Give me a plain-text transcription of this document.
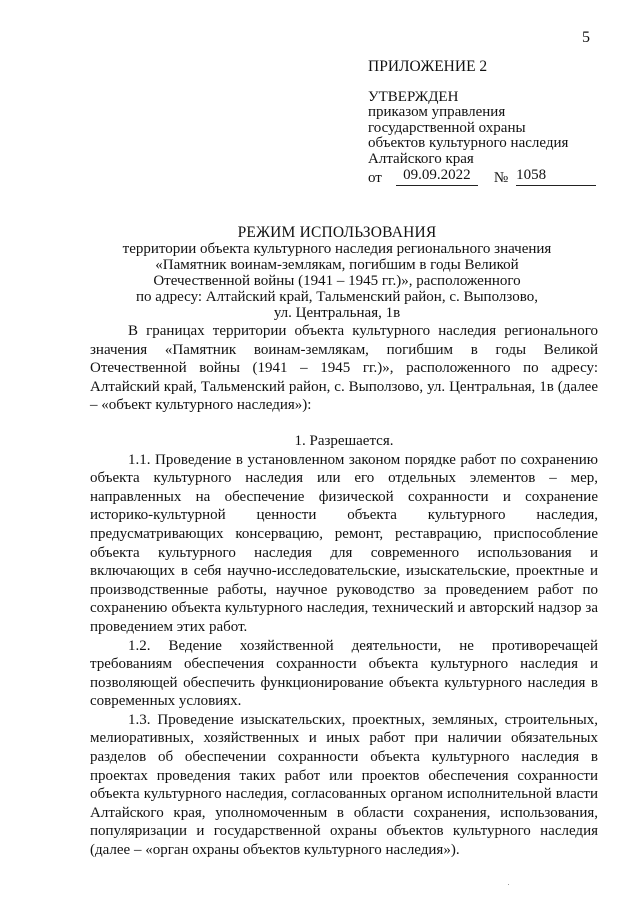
5
ПРИЛОЖЕНИЕ 2
УТВЕРЖДЕН
приказом управления
государственной охраны
объектов культурного наследия
Алтайского края
от	09.09.2022	№ 1058
РЕЖИМ ИСПОЛЬЗОВАНИЯ
территории объекта культурного наследия регионального значения
«Памятник воинам-землякам, погибшим в годы Великой
Отечественной войны (1941 – 1945 гг.)», расположенного
по адресу: Алтайский край, Тальменский район, с. Выползово,
ул. Центральная, 1в

В границах территории объекта культурного наследия регионального значения «Памятник воинам-землякам, погибшим в годы Великой Отечественной войны (1941 – 1945 гг.)», расположенного по адресу: Алтайский край, Тальменский район, с. Выползово, ул. Центральная, 1в (далее – «объект культурного наследия»):

1. Разрешается.

1.1. Проведение в установленном законом порядке работ по сохранению объекта культурного наследия или его отдельных элементов – мер, направленных на обеспечение физической сохранности и сохранение историко-культурной ценности объекта культурного наследия, предусматривающих консервацию, ремонт, реставрацию, приспособление объекта культурного наследия для современного использования и включающих в себя научно-исследовательские, изыскательские, проектные и производственные работы, научное руководство за проведением работ по сохранению объекта культурного наследия, технический и авторский надзор за проведением этих работ.

1.2. Ведение хозяйственной деятельности, не противоречащей требованиям обеспечения сохранности объекта культурного наследия и позволяющей обеспечить функционирование объекта культурного наследия в современных условиях.

1.3. Проведение изыскательских, проектных, земляных, строительных, мелиоративных, хозяйственных и иных работ при наличии обязательных разделов об обеспечении сохранности объекта культурного наследия в проектах проведения таких работ или проектов обеспечения сохранности объекта культурного наследия, согласованных органом исполнительной власти Алтайского края, уполномоченным в области сохранения, использования, популяризации и государственной охраны объектов культурного наследия (далее – «орган охраны объектов культурного наследия»).
